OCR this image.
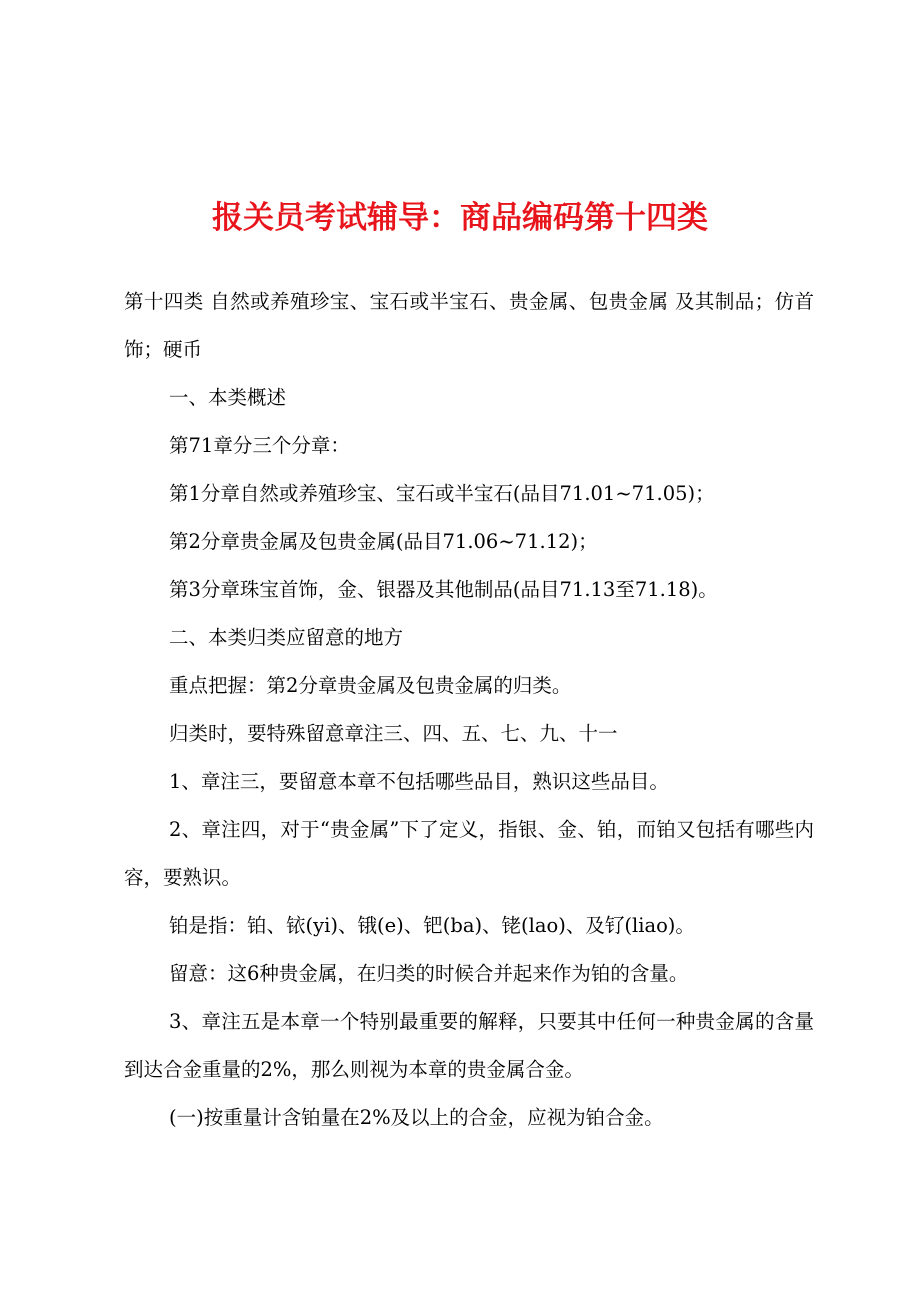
报关员考试辅导：商品编码第十四类

第十四类 自然或养殖珍宝、宝石或半宝石、贵金属、包贵金属 及其制品；仿首饰；硬币

一、本类概述

第71章分三个分章：

第1分章自然或养殖珍宝、宝石或半宝石(品目71.01~71.05)；

第2分章贵金属及包贵金属(品目71.06~71.12)；

第3分章珠宝首饰，金、银器及其他制品(品目71.13至71.18)。

二、本类归类应留意的地方

重点把握：第2分章贵金属及包贵金属的归类。

归类时，要特殊留意章注三、四、五、七、九、十一

1、章注三，要留意本章不包括哪些品目，熟识这些品目。

2、章注四，对于“贵金属”下了定义，指银、金、铂，而铂又包括有哪些内容，要熟识。

铂是指：铂、铱(yi)、锇(e)、钯(ba)、铑(lao)、及钌(liao)。

留意：这6种贵金属，在归类的时候合并起来作为铂的含量。

3、章注五是本章一个特别最重要的解释，只要其中任何一种贵金属的含量到达合金重量的2%，那么则视为本章的贵金属合金。

(一)按重量计含铂量在2%及以上的合金，应视为铂合金。
